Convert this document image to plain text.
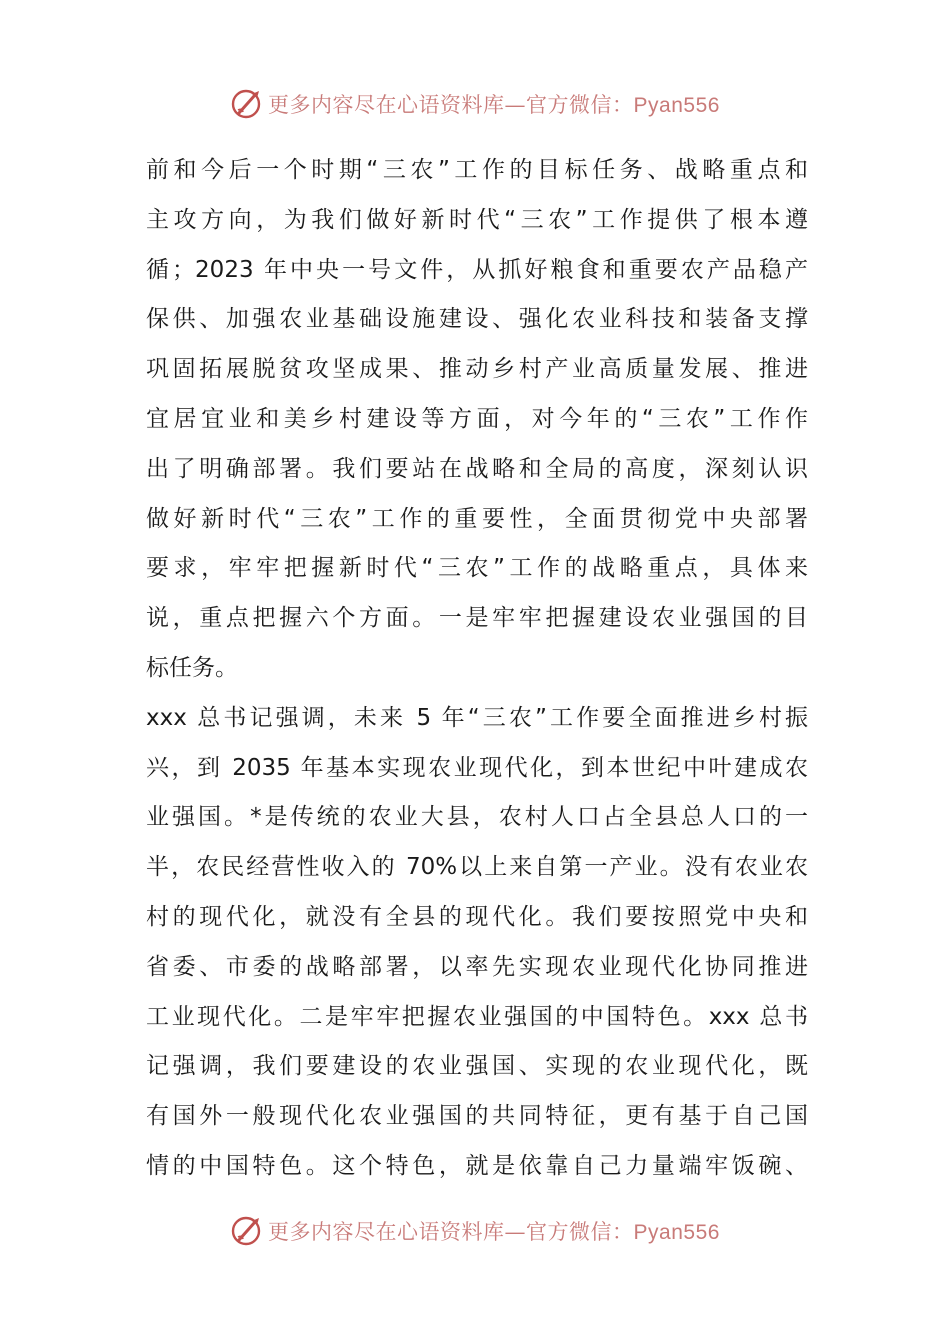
更多内容尽在心语资料库—官方微信：Pyan556
前和今后一个时期“三农”工作的目标任务、战略重点和
主攻方向，为我们做好新时代“三农”工作提供了根本遵
循；2023 年中央一号文件，从抓好粮食和重要农产品稳产
保供、加强农业基础设施建设、强化农业科技和装备支撑
巩固拓展脱贫攻坚成果、推动乡村产业高质量发展、推进
宜居宜业和美乡村建设等方面，对今年的“三农”工作作
出了明确部署。我们要站在战略和全局的高度，深刻认识
做好新时代“三农”工作的重要性，全面贯彻党中央部署
要求，牢牢把握新时代“三农”工作的战略重点，具体来
说，重点把握六个方面。一是牢牢把握建设农业强国的目
标任务。
xxx 总书记强调，未来 5 年“三农”工作要全面推进乡村振
兴，到 2035 年基本实现农业现代化，到本世纪中叶建成农
业强国。*是传统的农业大县，农村人口占全县总人口的一
半，农民经营性收入的 70%以上来自第一产业。没有农业农
村的现代化，就没有全县的现代化。我们要按照党中央和
省委、市委的战略部署，以率先实现农业现代化协同推进
工业现代化。二是牢牢把握农业强国的中国特色。xxx 总书
记强调，我们要建设的农业强国、实现的农业现代化，既
有国外一般现代化农业强国的共同特征，更有基于自己国
情的中国特色。这个特色，就是依靠自己力量端牢饭碗、
更多内容尽在心语资料库—官方微信：Pyan556
